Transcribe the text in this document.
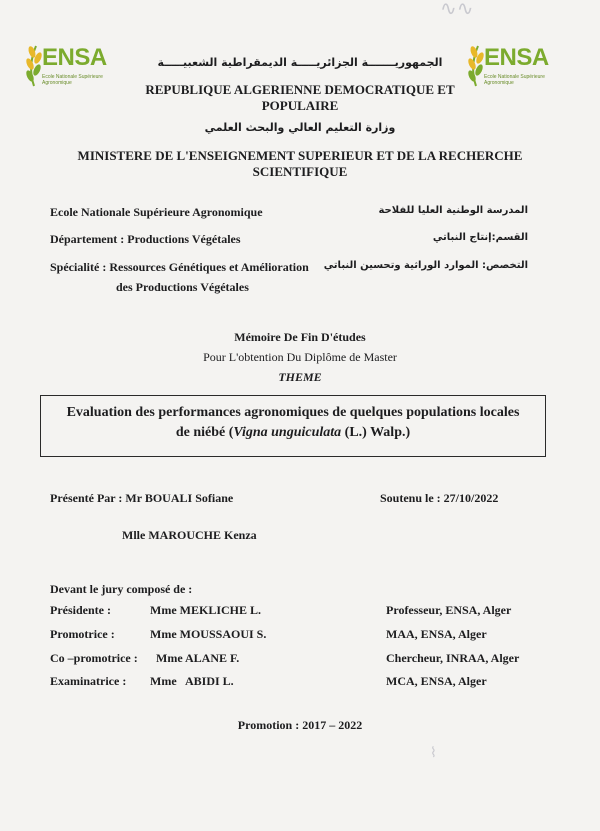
∿∿
⌇
ENSA
Ecole Nationale Supérieure Agronomique
ENSA
Ecole Nationale Supérieure Agronomique
الجمهوريـــــــة الجزائريـــــة الديمقراطية الشعبيـــــة
REPUBLIQUE ALGERIENNE DEMOCRATIQUE ET
POPULAIRE
وزارة التعليم العالي والبحث العلمي
MINISTERE DE L'ENSEIGNEMENT SUPERIEUR ET DE LA RECHERCHE
SCIENTIFIQUE
Ecole Nationale Supérieure Agronomique	المدرسة الوطنية العليا للفلاحة
Département : Productions Végétales	القسم:إنتاج النباتي
Spécialité : Ressources Génétiques et Amélioration التخصص: الموارد الوراثية وتحسين النباتي
des Productions Végétales
Mémoire De Fin D'études
Pour L'obtention Du Diplôme de Master
THEME
Evaluation des performances agronomiques de quelques populations locales
de niébé (Vigna unguiculata (L.) Walp.)
Présenté Par : Mr BOUALI Sofiane	Soutenu le : 27/10/2022
Mlle MAROUCHE Kenza
Devant le jury composé de :
Présidente :	Mme MEKLICHE L.	Professeur, ENSA, Alger
Promotrice :	Mme MOUSSAOUI S.	MAA, ENSA, Alger
Co –promotrice : Mme ALANE F.	Chercheur, INRAA, Alger
Examinatrice : Mme   ABIDI L.	MCA, ENSA, Alger
Promotion : 2017 – 2022
